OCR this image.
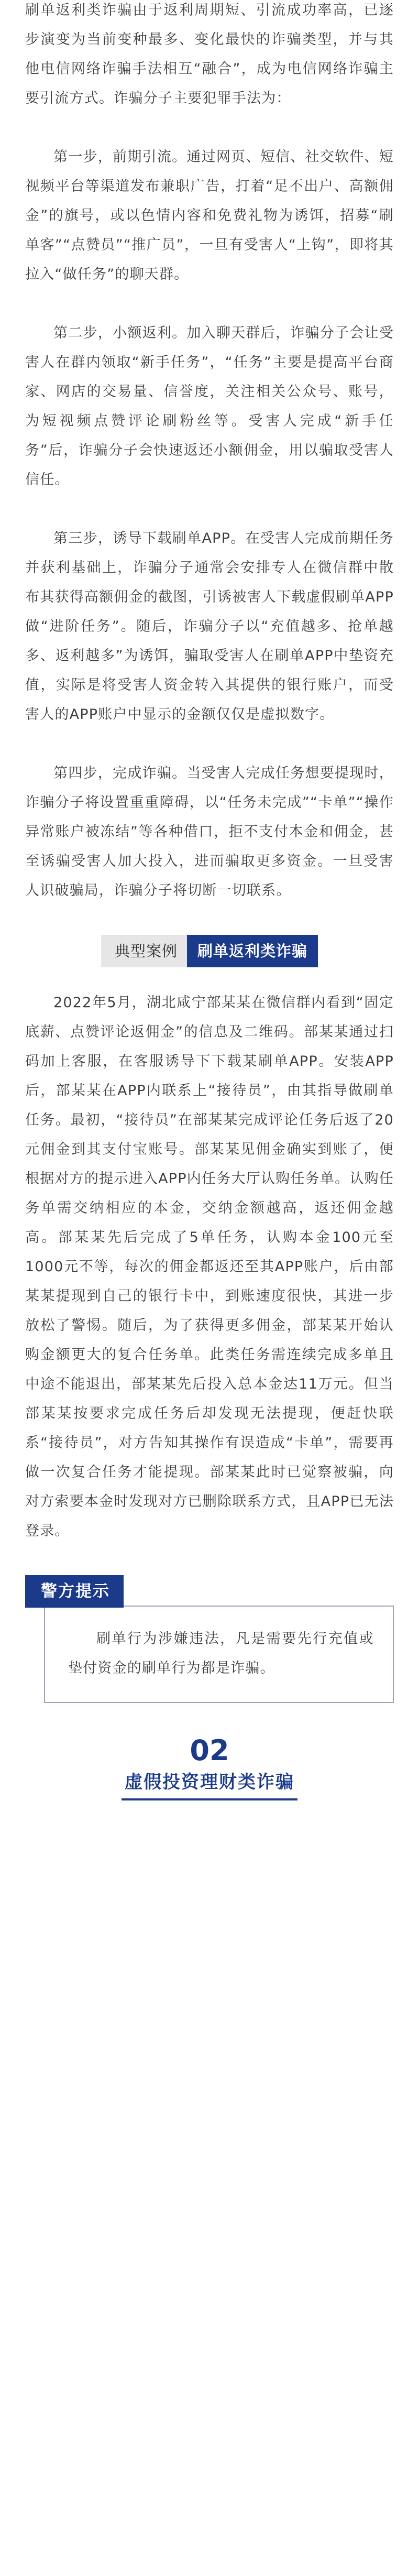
刷单返利类诈骗由于返利周期短、引流成功率高，已逐步演变为当前变种最多、变化最快的诈骗类型，并与其他电信网络诈骗手法相互“融合”，成为电信网络诈骗主要引流方式。诈骗分子主要犯罪手法为：

第一步，前期引流。通过网页、短信、社交软件、短视频平台等渠道发布兼职广告，打着“足不出户、高额佣金”的旗号，或以色情内容和免费礼物为诱饵，招募“刷单客”“点赞员”“推广员”，一旦有受害人“上钩”，即将其拉入“做任务”的聊天群。

第二步，小额返利。加入聊天群后，诈骗分子会让受害人在群内领取“新手任务”，“任务”主要是提高平台商家、网店的交易量、信誉度，关注相关公众号、账号，为短视频点赞评论刷粉丝等。受害人完成“新手任务”后，诈骗分子会快速返还小额佣金，用以骗取受害人信任。

第三步，诱导下载刷单APP。在受害人完成前期任务并获利基础上，诈骗分子通常会安排专人在微信群中散布其获得高额佣金的截图，引诱被害人下载虚假刷单APP做“进阶任务”。随后，诈骗分子以“充值越多、抢单越多、返利越多”为诱饵，骗取受害人在刷单APP中垫资充值，实际是将受害人资金转入其提供的银行账户，而受害人的APP账户中显示的金额仅仅是虚拟数字。

第四步，完成诈骗。当受害人完成任务想要提现时，诈骗分子将设置重重障碍，以“任务未完成”“卡单”“操作异常账户被冻结”等各种借口，拒不支付本金和佣金，甚至诱骗受害人加大投入，进而骗取更多资金。一旦受害人识破骗局，诈骗分子将切断一切联系。

典型案例	刷单返利类诈骗

2022年5月，湖北咸宁部某某在微信群内看到“固定底薪、点赞评论返佣金”的信息及二维码。部某某通过扫码加上客服，在客服诱导下下载某刷单APP。安装APP后，部某某在APP内联系上“接待员”，由其指导做刷单任务。最初，“接待员”在部某某完成评论任务后返了20元佣金到其支付宝账号。部某某见佣金确实到账了，便根据对方的提示进入APP内任务大厅认购任务单。认购任务单需交纳相应的本金，交纳金额越高，返还佣金越高。部某某先后完成了5单任务，认购本金100元至1000元不等，每次的佣金都返还至其APP账户，后由部某某提现到自己的银行卡中，到账速度很快，其进一步放松了警惕。随后，为了获得更多佣金，部某某开始认购金额更大的复合任务单。此类任务需连续完成多单且中途不能退出，部某某先后投入总本金达11万元。但当部某某按要求完成任务后却发现无法提现，便赶快联系“接待员”，对方告知其操作有误造成“卡单”，需要再做一次复合任务才能提现。部某某此时已觉察被骗，向对方索要本金时发现对方已删除联系方式，且APP已无法登录。

警方提示

刷单行为涉嫌违法，凡是需要先行充值或垫付资金的刷单行为都是诈骗。

02
虚假投资理财类诈骗
